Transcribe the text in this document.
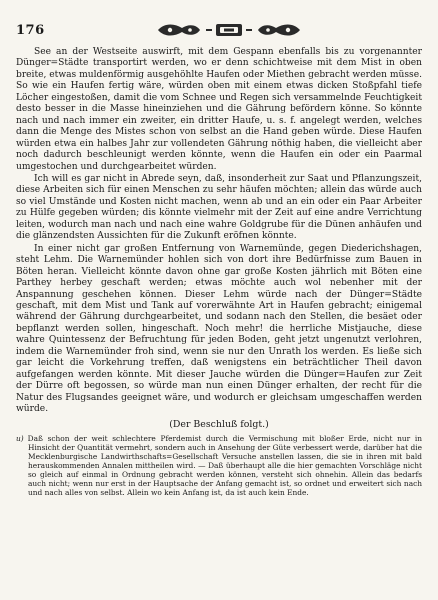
176

See an der Westseite auswirft, mit dem Gespann ebenfalls bis zu vorgenannter Dünger=Städte transportirt werden, wo er denn schichtweise mit dem Mist in oben breite, etwas muldenförmig ausgehöhlte Haufen oder Miethen gebracht werden müsse. So wie ein Haufen fertig wäre, würden oben mit einem etwas dicken Stoßpfahl tiefe Löcher eingestoßen, damit die vom Schnee und Regen sich versammelnde Feuchtigkeit desto besser in die Masse hineinziehen und die Gährung befördern könne. So könnte nach und nach immer ein zweiter, ein dritter Haufe, u. s. f. angelegt werden, welches dann die Menge des Mistes schon von selbst an die Hand geben würde. Diese Haufen würden etwa ein halbes Jahr zur vollendeten Gährung nöthig haben, die vielleicht aber noch dadurch beschleunigt werden könnte, wenn die Haufen ein oder ein Paarmal umgestochen und durchgearbeitet würden.

Ich will es gar nicht in Abrede seyn, daß, insonderheit zur Saat und Pflanzungszeit, diese Arbeiten sich für einen Menschen zu sehr häufen möchten; allein das würde auch so viel Umstände und Kosten nicht machen, wenn ab und an ein oder ein Paar Arbeiter zu Hülfe gegeben würden; dis könnte vielmehr mit der Zeit auf eine andre Verrichtung leiten, wodurch man nach und nach eine wahre Goldgrube für die Dünen anhäufen und die glänzendsten Aussichten für die Zukunft eröfnen könnte.

In einer nicht gar großen Entfernung von Warnemünde, gegen Diederichshagen, steht Lehm. Die Warnemünder hohlen sich von dort ihre Bedürfnisse zum Bauen in Böten heran. Vielleicht könnte davon ohne gar große Kosten jährlich mit Böten eine Parthey herbey geschaft werden; etwas möchte auch wol nebenher mit der Anspannung geschehen können. Dieser Lehm würde nach der Dünger=Städte geschaft, mit dem Mist und Tank auf vorerwähnte Art in Haufen gebracht; einigemal während der Gährung durchgearbeitet, und sodann nach den Stellen, die besäet oder bepflanzt werden sollen, hingeschaft. Noch mehr! die herrliche Mistjauche, diese wahre Quintessenz der Befruchtung für jeden Boden, geht jetzt ungenutzt verlohren, indem die Warnemünder froh sind, wenn sie nur den Unrath los werden. Es ließe sich gar leicht die Vorkehrung treffen, daß wenigstens ein beträchtlicher Theil davon aufgefangen werden könnte. Mit dieser Jauche würden die Dünger=Haufen zur Zeit der Dürre oft begossen, so würde man nun einen Dünger erhalten, der recht für die Natur des Flugsandes geeignet wäre, und wodurch er gleichsam umgeschaffen werden würde.

(Der Beschluß folgt.)
u) Daß schon der weit schlechtere Pferdemist durch die Vermischung mit bloßer Erde, nicht nur in Hinsicht der Quantität vermehrt, sondern auch in Ansehung der Güte verbessert werde, darüber hat die Mecklenburgische Landwirthschafts=Gesellschaft Versuche anstellen lassen, die sie in ihren mit bald herauskommenden Annalen mittheilen wird. — Daß überhaupt alle die hier gemachten Vorschläge nicht so gleich auf einmal in Ordnung gebracht werden können, versteht sich ohnehin. Allein das bedarfs auch nicht; wenn nur erst in der Hauptsache der Anfang gemacht ist, so ordnet und erweitert sich nach und nach alles von selbst. Allein wo kein Anfang ist, da ist auch kein Ende.
